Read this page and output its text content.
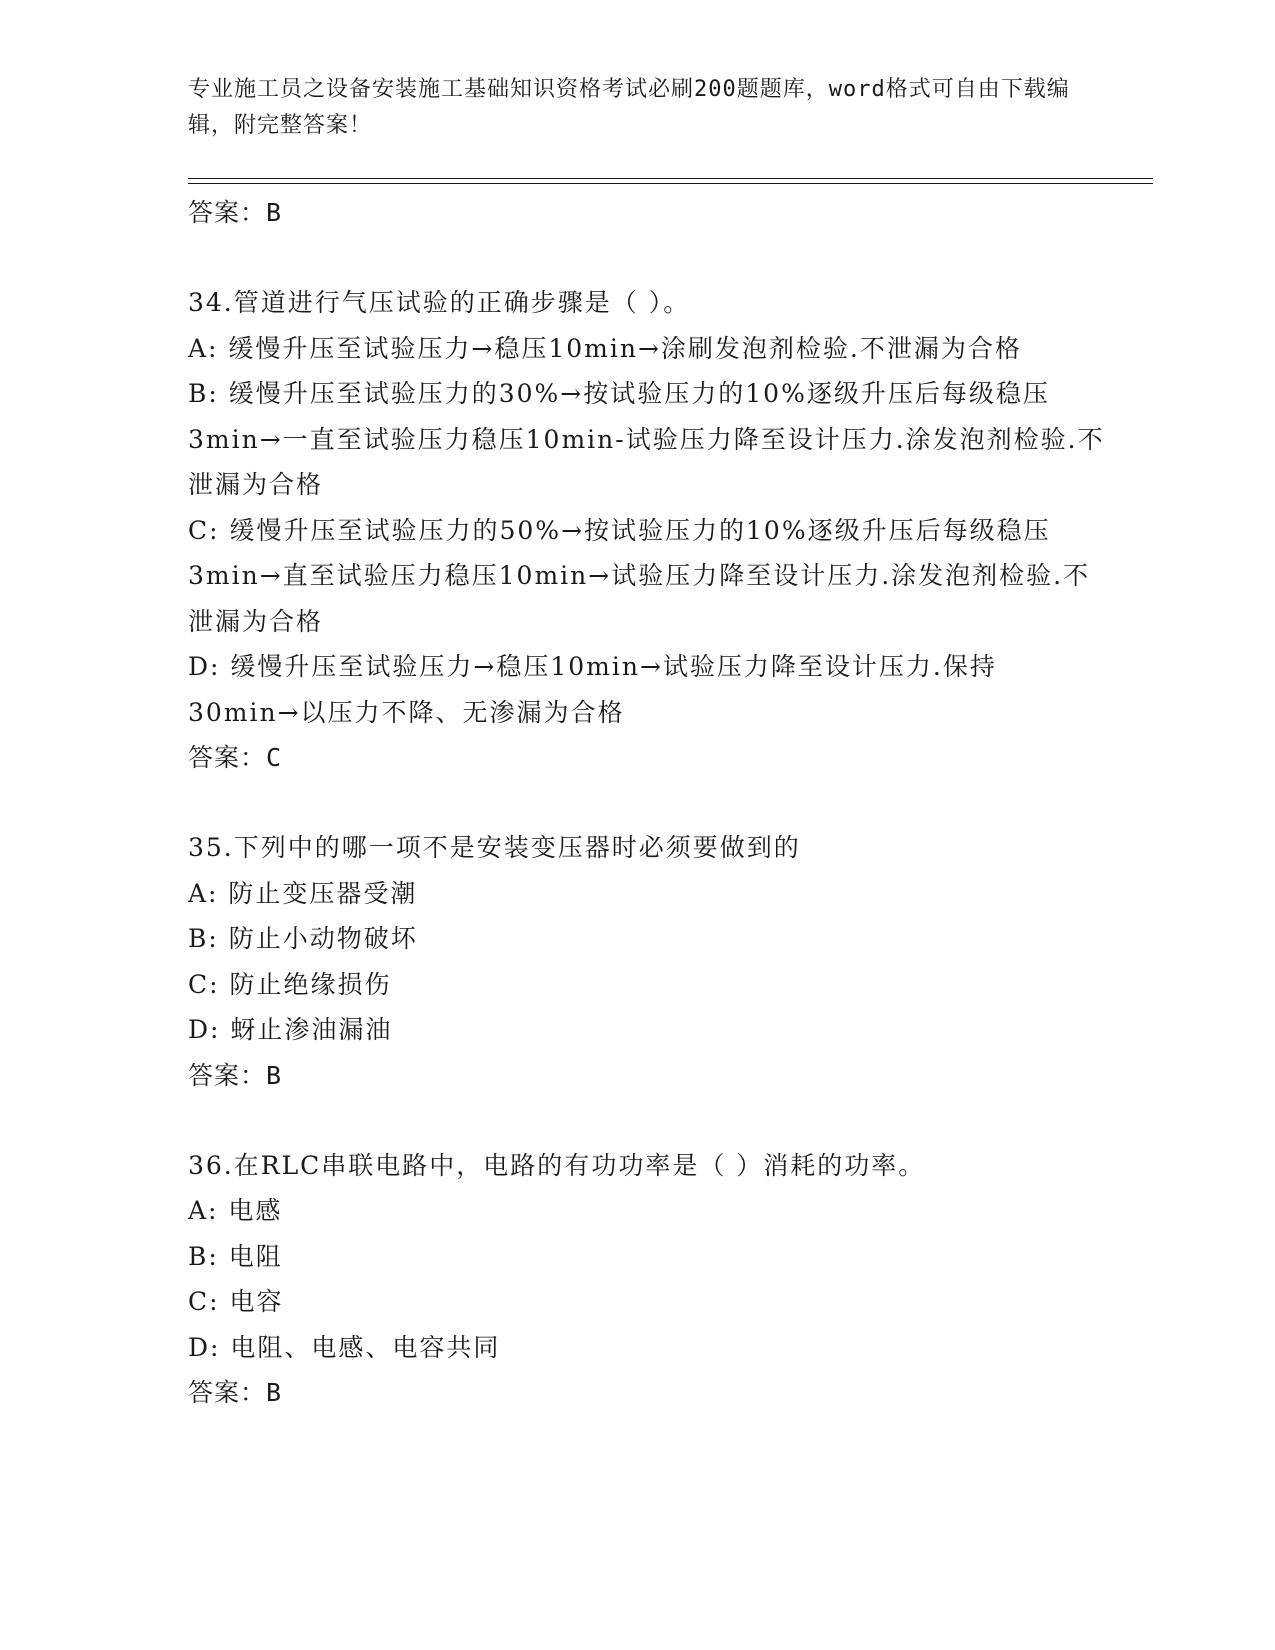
专业施工员之设备安装施工基础知识资格考试必刷200题题库，word格式可自由下载编辑，附完整答案！
答案：B
34.管道进行气压试验的正确步骤是（ ）。
A: 缓慢升压至试验压力→稳压10min→涂刷发泡剂检验.不泄漏为合格
B: 缓慢升压至试验压力的30%→按试验压力的10%逐级升压后每级稳压3min→一直至试验压力稳压10min-试验压力降至设计压力.涂发泡剂检验.不泄漏为合格
C: 缓慢升压至试验压力的50%→按试验压力的10%逐级升压后每级稳压3min→直至试验压力稳压10min→试验压力降至设计压力.涂发泡剂检验.不泄漏为合格
D: 缓慢升压至试验压力→稳压10min→试验压力降至设计压力.保持30min→以压力不降、无渗漏为合格
答案：C
35.下列中的哪一项不是安装变压器时必须要做到的
A: 防止变压器受潮
B: 防止小动物破坏
C: 防止绝缘损伤
D: 蚜止渗油漏油
答案：B
36.在RLC串联电路中，电路的有功功率是（ ）消耗的功率。
A: 电感
B: 电阻
C: 电容
D: 电阻、电感、电容共同
答案：B
